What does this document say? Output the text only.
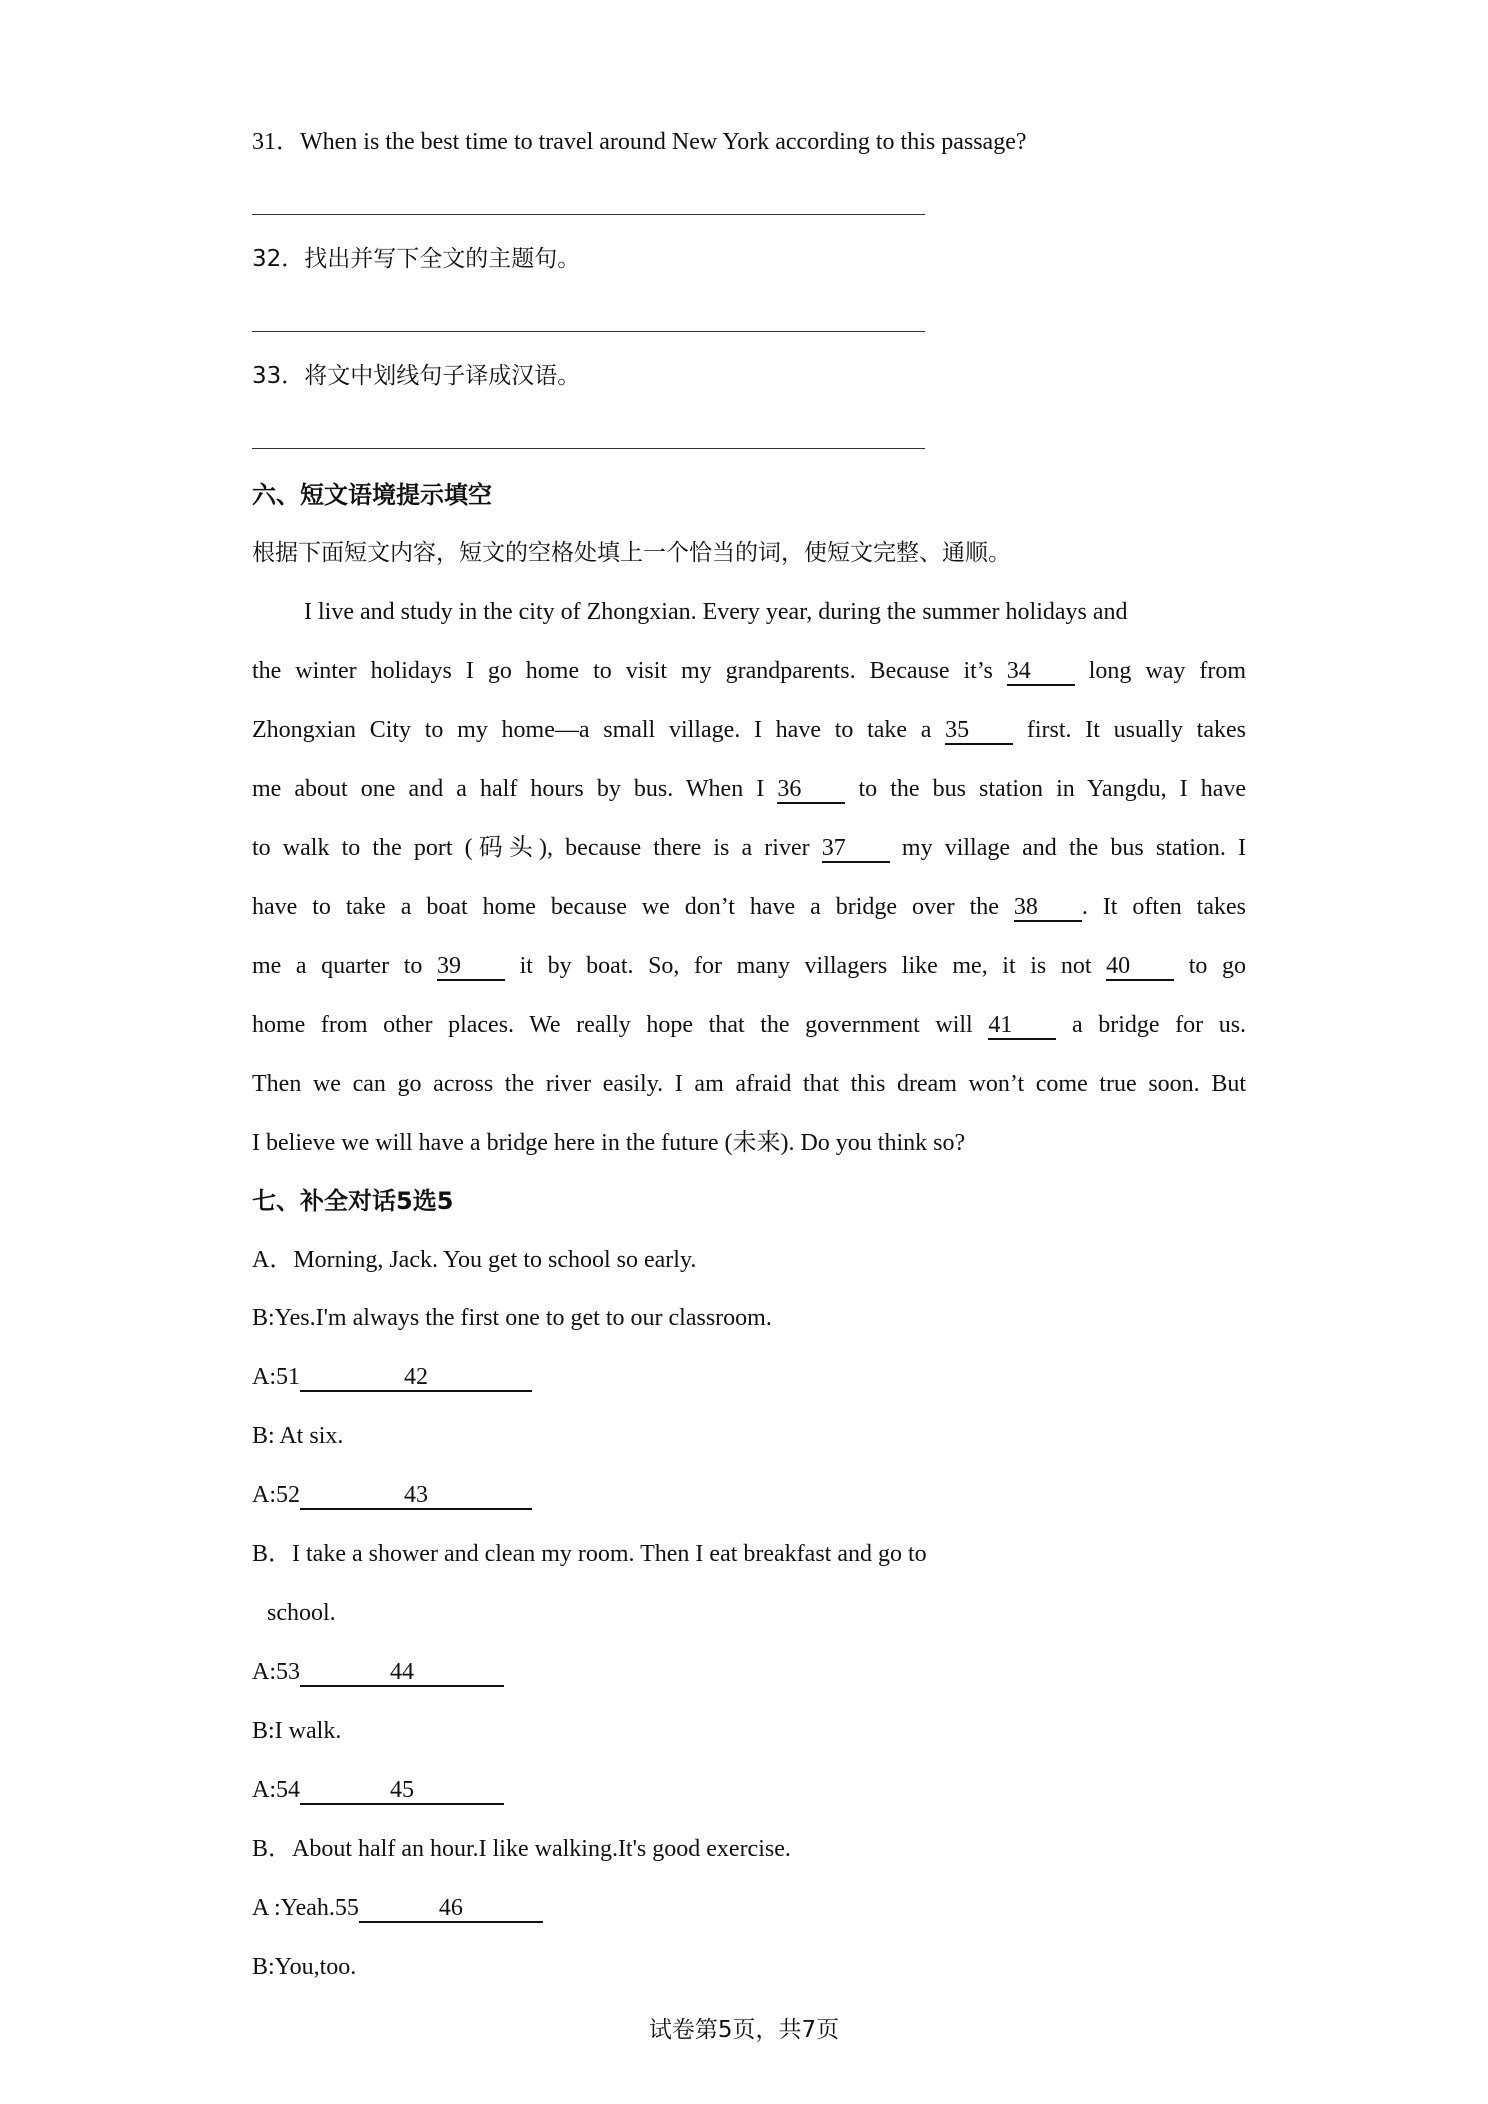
31．When is the best time to travel around New York according to this passage?

32．找出并写下全文的主题句。

33．将文中划线句子译成汉语。

六、短文语境提示填空

根据下面短文内容，短文的空格处填上一个恰当的词，使短文完整、通顺。

I live and study in the city of Zhongxian. Every year, during the summer holidays and

the winter holidays I go home to visit my grandparents. Because it’s 34 long way from

Zhongxian City to my home—a small village. I have to take a 35 first. It usually takes

me about one and a half hours by bus. When I 36 to the bus station in Yangdu, I have

to walk to the port (码头), because there is a river 37 my village and the bus station. I

have to take a boat home because we don’t have a bridge over the 38 . It often takes

me a quarter to 39 it by boat. So, for many villagers like me, it is not 40 to go

home from other places. We really hope that the government will 41 a bridge for us.

Then we can go across the river easily. I am afraid that this dream won’t come true soon. But

I believe we will have a bridge here in the future (未来). Do you think so?

七、补全对话5选5

A．Morning, Jack. You get to school so early.

B:Yes.I'm always the first one to get to our classroom.

A:51	42

B: At six.

A:52	43

B．I take a shower and clean my room. Then I eat breakfast and go to

school.

A:53	44

B:I walk.

A:54	45

B．About half an hour.I like walking.It's good exercise.

A :Yeah.55	46

B:You,too.

试卷第5页，共7页
